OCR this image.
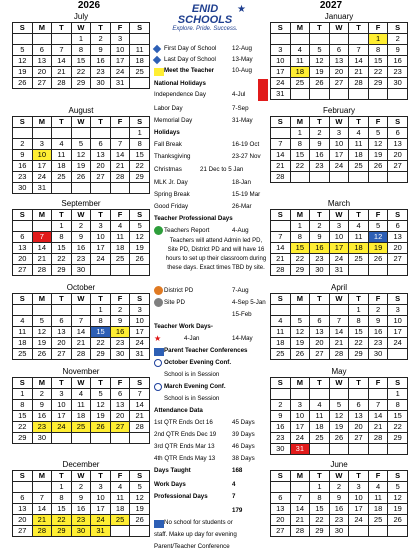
2026	2027
ENID
SCHOOLS
Explore. Pride. Success.
★
July
S	M	T	W	T	F	S
			1	2	3	
5	6	7	8	9	10	11
12	13	14	15	16	17	18
19	20	21	22	23	24	25
26	27	28	29	30	31	
August
S	M	T	W	T	F	S
						1
2	3	4	5	6	7	8
9	10	11	12	13	14	15
16	17	18	19	20	21	22
23	24	25	26	27	28	29
30	31					
September
S	M	T	W	T	F	S
		1	2	3	4	5
6	7	8	9	10	11	12
13	14	15	16	17	18	19
20	21	22	23	24	25	26
27	28	29	30			
October
S	M	T	W	T	F	S
				1	2	3
4	5	6	7	8	9	10
11	12	13	14	15	16	17
18	19	20	21	22	23	24
25	26	27	28	29	30	31
November
S	M	T	W	T	F	S
1	2	3	4	5	6	7
8	9	10	11	12	13	14
15	16	17	18	19	20	21
22	23	24	25	26	27	28
29	30					
December
S	M	T	W	T	F	S
		1	2	3	4	5
6	7	8	9	10	11	12
13	14	15	16	17	18	19
20	21	22	23	24	25	26
27	28	29	30	31		
January
S	M	T	W	T	F	S
					1	2
3	4	5	6	7	8	9
10	11	12	13	14	15	16
17	18	19	20	21	22	23
24	25	26	27	28	29	30
31						
February
S	M	T	W	T	F	S
	1	2	3	4	5	6
7	8	9	10	11	12	13
14	15	16	17	18	19	20
21	22	23	24	25	26	27
28						
March
S	M	T	W	T	F	S
	1	2	3	4	5	6
7	8	9	10	11	12	13
14	15	16	17	18	19	20
21	22	23	24	25	26	27
28	29	30	31			
April
S	M	T	W	T	F	S
				1	2	3
4	5	6	7	8	9	10
11	12	13	14	15	16	17
18	19	20	21	22	23	24
25	26	27	28	29	30	
May
S	M	T	W	T	F	S
						1
2	3	4	5	6	7	8
9	10	11	12	13	14	15
16	17	18	19	20	21	22
23	24	25	26	27	28	29
30	31					
June
S	M	T	W	T	F	S
		1	2	3	4	5
6	7	8	9	10	11	12
13	14	15	16	17	18	19
20	21	22	23	24	25	26
27	28	29	30			
First Day of School	12-Aug
Last Day of School	13-May
Meet the Teacher	10-Aug
National Holidays
Independence Day	4-Jul
Labor Day	7-Sep
Memorial Day	31-May
Holidays
Fall Break	16-19 Oct
Thanksgiving	23-27 Nov
Christmas	21 Dec to 5 Jan
MLK Jr. Day	18-Jan
Spring Break	15-19 Mar
Good Friday	26-Mar
Teacher Professional Days
Teachers Report	4-Aug
Teachers will attend Admin led PD, Site PD, District PD and will have 16 hours to set up their classroom during these days. Exact times TBD by site.
District PD	7-Aug
Site PD	4-Sep 5-Jan
15-Feb
Teacher Work Days-
★	4-Jan	14-May
Parent Teacher Conferences
October Evening Conf.
School is in Session
March Evening Conf.
School is in Session
Attendance Data
1st QTR Ends Oct 16	45 Days
2nd QTR Ends Dec 19	39 Days
3rd QTR Ends Mar 13	46 Days
4th QTR Ends May 13	38 Days
Days Taught	168
Work Days	4
Professional Days	7
179
No school for students or
staff. Make up day for evening
Parent/Teacher Conference
